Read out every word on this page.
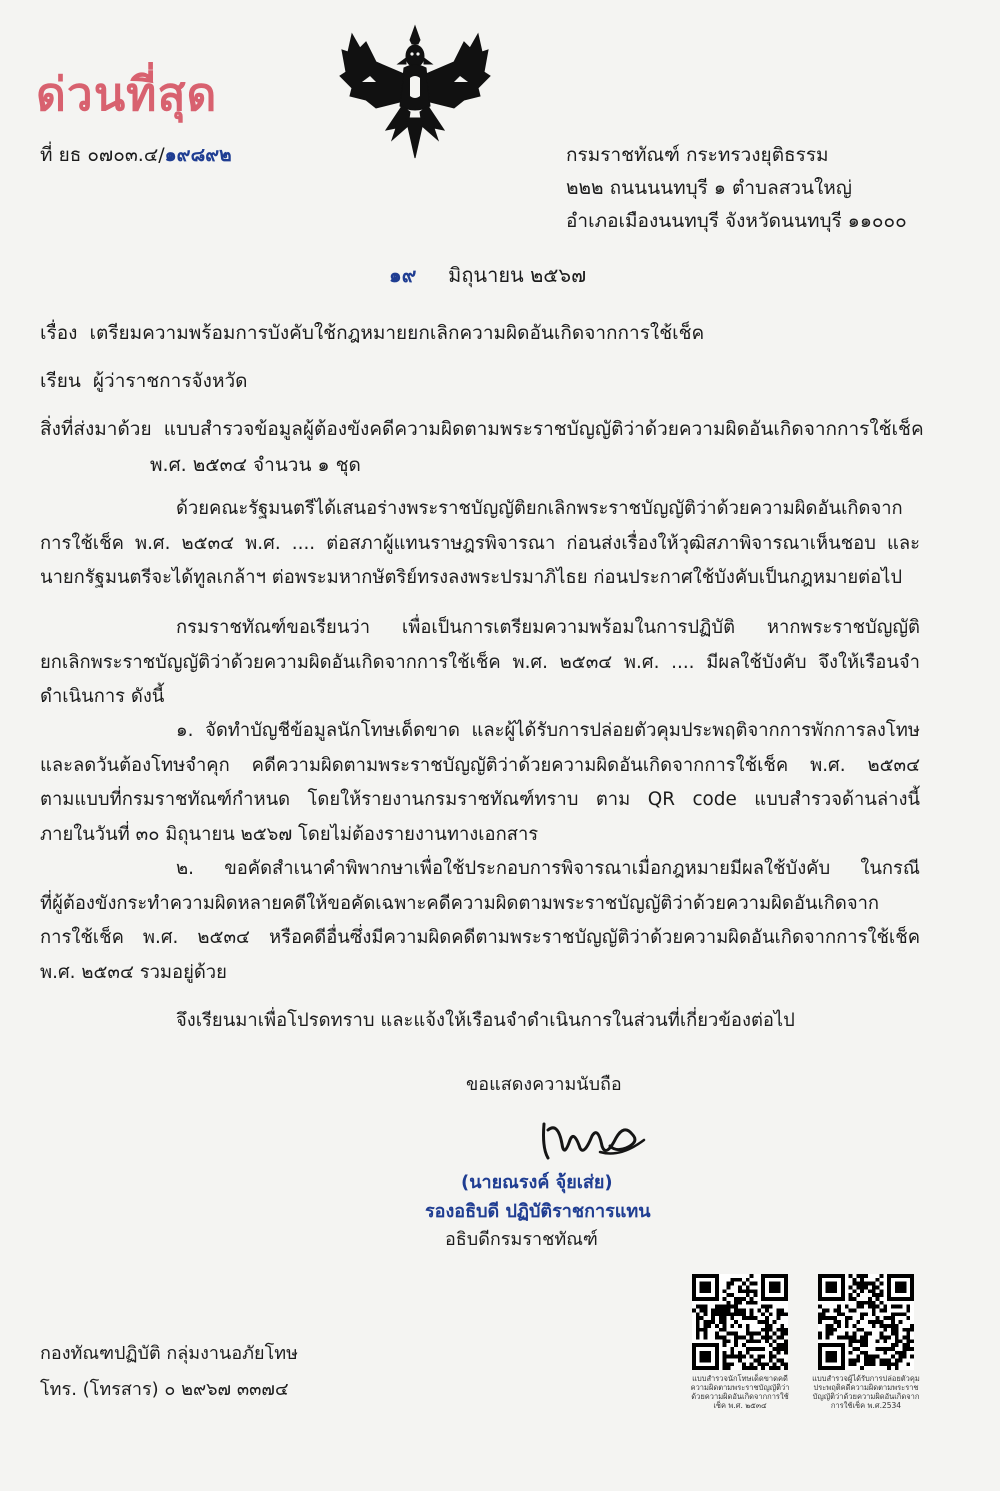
ด่วนที่สุด
ที่ ยธ ๐๗๐๓.๔/๑๙๘๙๒	กรมราชทัณฑ์ กระทรวงยุติธรรม
๒๒๒ ถนนนนทบุรี ๑ ตำบลสวนใหญ่
อำเภอเมืองนนทบุรี จังหวัดนนทบุรี ๑๑๐๐๐
๑๙ มิถุนายน ๒๕๖๗
เรื่อง เตรียมความพร้อมการบังคับใช้กฎหมายยกเลิกความผิดอันเกิดจากการใช้เช็ค
เรียน ผู้ว่าราชการจังหวัด
สิ่งที่ส่งมาด้วย แบบสำรวจข้อมูลผู้ต้องขังคดีความผิดตามพระราชบัญญัติว่าด้วยความผิดอันเกิดจากการใช้เช็ค
พ.ศ. ๒๕๓๔ จำนวน ๑ ชุด
ด้วยคณะรัฐมนตรีได้เสนอร่างพระราชบัญญัติยกเลิกพระราชบัญญัติว่าด้วยความผิดอันเกิดจาก
การใช้เช็ค พ.ศ. ๒๕๓๔ พ.ศ. .... ต่อสภาผู้แทนราษฎรพิจารณา ก่อนส่งเรื่องให้วุฒิสภาพิจารณาเห็นชอบ และ
นายกรัฐมนตรีจะได้ทูลเกล้าฯ ต่อพระมหากษัตริย์ทรงลงพระปรมาภิไธย ก่อนประกาศใช้บังคับเป็นกฎหมายต่อไป
กรมราชทัณฑ์ขอเรียนว่า เพื่อเป็นการเตรียมความพร้อมในการปฏิบัติ หากพระราชบัญญัติ
ยกเลิกพระราชบัญญัติว่าด้วยความผิดอันเกิดจากการใช้เช็ค พ.ศ. ๒๕๓๔ พ.ศ. .... มีผลใช้บังคับ จึงให้เรือนจำ
ดำเนินการ ดังนี้
๑. จัดทำบัญชีข้อมูลนักโทษเด็ดขาด และผู้ได้รับการปล่อยตัวคุมประพฤติจากการพักการลงโทษ
และลดวันต้องโทษจำคุก คดีความผิดตามพระราชบัญญัติว่าด้วยความผิดอันเกิดจากการใช้เช็ค พ.ศ. ๒๕๓๔
ตามแบบที่กรมราชทัณฑ์กำหนด โดยให้รายงานกรมราชทัณฑ์ทราบ ตาม QR code แบบสำรวจด้านล่างนี้
ภายในวันที่ ๓๐ มิถุนายน ๒๕๖๗ โดยไม่ต้องรายงานทางเอกสาร
๒. ขอคัดสำเนาคำพิพากษาเพื่อใช้ประกอบการพิจารณาเมื่อกฎหมายมีผลใช้บังคับ ในกรณี
ที่ผู้ต้องขังกระทำความผิดหลายคดีให้ขอคัดเฉพาะคดีความผิดตามพระราชบัญญัติว่าด้วยความผิดอันเกิดจาก
การใช้เช็ค พ.ศ. ๒๕๓๔ หรือคดีอื่นซึ่งมีความผิดคดีตามพระราชบัญญัติว่าด้วยความผิดอันเกิดจากการใช้เช็ค
พ.ศ. ๒๕๓๔ รวมอยู่ด้วย
จึงเรียนมาเพื่อโปรดทราบ และแจ้งให้เรือนจำดำเนินการในส่วนที่เกี่ยวข้องต่อไป
ขอแสดงความนับถือ
(นายณรงค์ จุ้ยเส่ย)
รองอธิบดี ปฏิบัติราชการแทน
อธิบดีกรมราชทัณฑ์
กองทัณฑปฏิบัติ กลุ่มงานอภัยโทษ
โทร. (โทรสาร) ๐ ๒๙๖๗ ๓๓๗๔
แบบสำรวจนักโทษเด็ดขาดคดีความผิดตามพระราชบัญญัติว่าด้วยความผิดอันเกิดจากการใช้เช็ค พ.ศ. ๒๕๓๔
แบบสำรวจผู้ได้รับการปล่อยตัวคุมประพฤติคดีความผิดตามพระราชบัญญัติว่าด้วยความผิดอันเกิดจากการใช้เช็ค พ.ศ.2534
